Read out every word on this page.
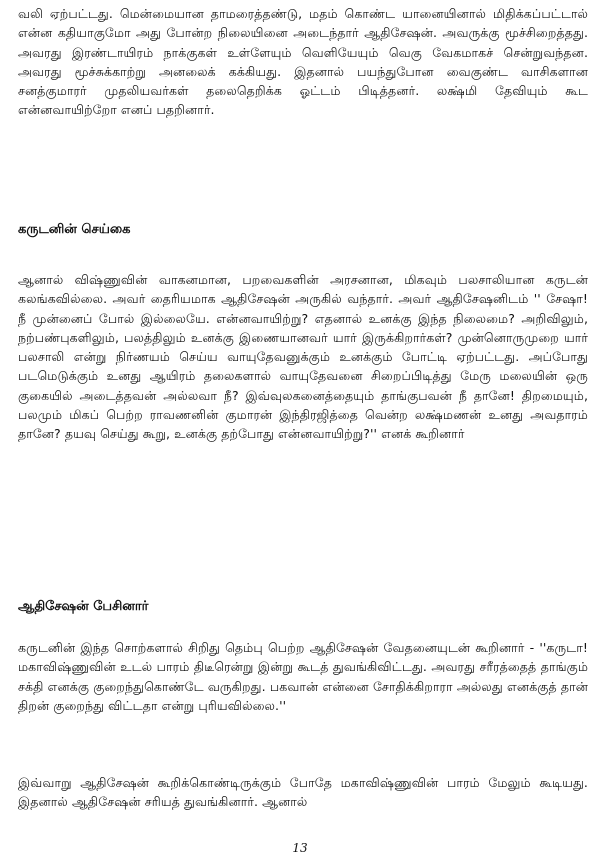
வலி ஏற்பட்டது. மென்மையான தாமரைத்தண்டு, மதம் கொண்ட யானையினால் மிதிக்கப்பட்டால் என்ன கதியாகுமோ அது போன்ற நிலையினை அடைந்தார் ஆதிசேஷன். அவருக்கு மூச்சிறைத்தது. அவரது இரண்டாயிரம் நாக்குகள் உள்ளேயும் வெளியேயும் வெகு வேகமாகச் சென்றுவந்தன. அவரது மூச்சுக்காற்று அனலைக் கக்கியது. இதனால் பயந்துபோன வைகுண்ட வாசிகளான சனத்குமாரர் முதலியவர்கள் தலைதெறிக்க ஓட்டம் பிடித்தனர். லக்ஷ்மி தேவியும் கூட என்னவாயிற்றோ எனப் பதறினார்.
கருடனின் செய்கை
ஆனால் விஷ்ணுவின் வாகனமான, பறவைகளின் அரசனான, மிகவும் பலசாலியான கருடன் கலங்கவில்லை. அவர் தைரியமாக ஆதிசேஷன் அருகில் வந்தார். அவர் ஆதிசேஷனிடம் '' சேஷா! நீ முன்னைப் போல் இல்லையே. என்னவாயிற்று? எதனால் உனக்கு இந்த நிலைமை? அறிவிலும், நற்பண்புகளிலும், பலத்திலும் உனக்கு இணையானவர் யார் இருக்கிறார்கள்? முன்னொருமுறை யார் பலசாலி என்று நிர்ணயம் செய்ய வாயுதேவனுக்கும் உனக்கும் போட்டி ஏற்பட்டது. அப்போது படமெடுக்கும் உனது ஆயிரம் தலைகளால் வாயுதேவனை சிறைப்பிடித்து மேரு மலையின் ஒரு குகையில் அடைத்தவன் அல்லவா நீ? இவ்வுலகனைத்தையும் தாங்குபவன் நீ தானே! திறமையும், பலமும் மிகப் பெற்ற ராவணனின் குமாரன் இந்திரஜித்தை வென்ற லக்ஷ்மணன் உனது அவதாரம் தானே? தயவு செய்து கூறு, உனக்கு தற்போது என்னவாயிற்று?'' எனக் கூறினார்
ஆதிசேஷன் பேசினார்
கருடனின் இந்த சொற்களால் சிறிது தெம்பு பெற்ற ஆதிசேஷன் வேதனையுடன் கூறினார் - ''கருடா! மகாவிஷ்ணுவின் உடல் பாரம் திடீரென்று இன்று கூடத் துவங்கிவிட்டது. அவரது சரீரத்தைத் தாங்கும் சக்தி எனக்கு குறைந்துகொண்டே வருகிறது. பகவான் என்னை சோதிக்கிறாரா அல்லது எனக்குத் தான் திறன் குறைந்து விட்டதா என்று புரியவில்லை.''
இவ்வாறு ஆதிசேஷன் கூறிக்கொண்டிருக்கும் போதே மகாவிஷ்ணுவின் பாரம் மேலும் கூடியது. இதனால் ஆதிசேஷன் சரியத் துவங்கினார். ஆனால்
13
